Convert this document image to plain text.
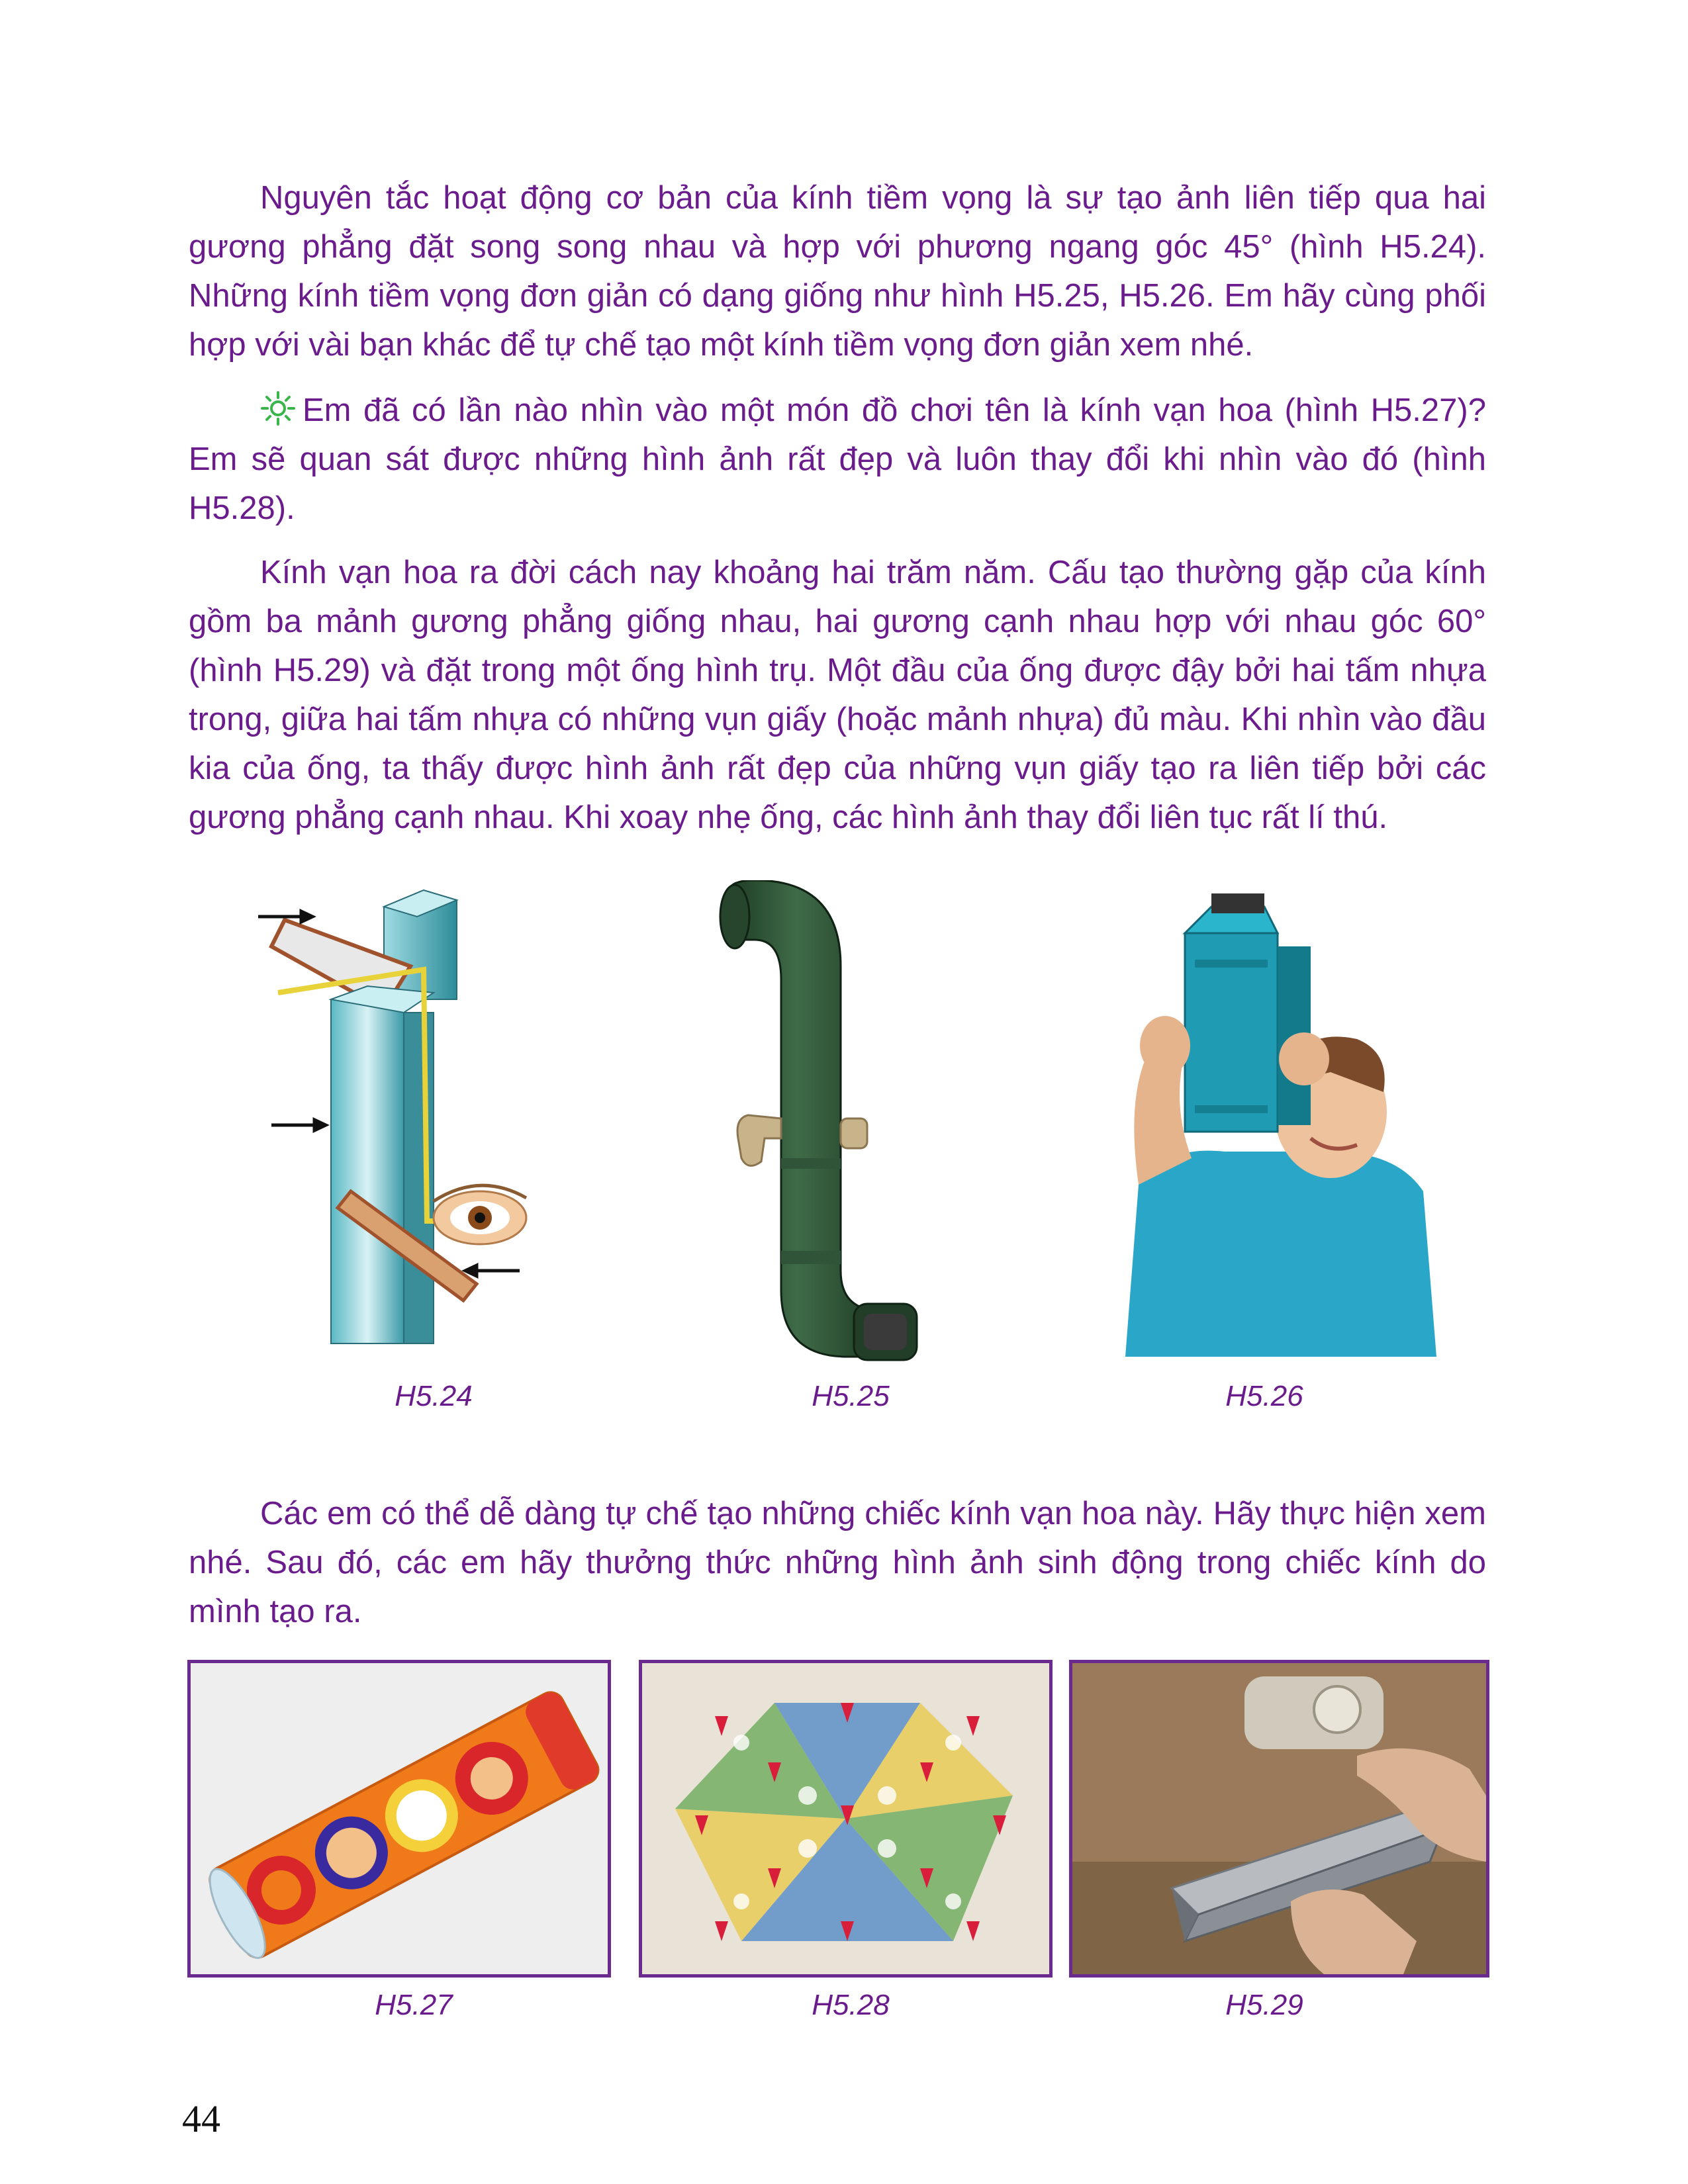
Nguyên tắc hoạt động cơ bản của kính tiềm vọng là sự tạo ảnh liên tiếp qua hai gương phẳng đặt song song nhau và hợp với phương ngang góc 45° (hình H5.24). Những kính tiềm vọng đơn giản có dạng giống như hình H5.25, H5.26. Em hãy cùng phối hợp với vài bạn khác để tự chế tạo một kính tiềm vọng đơn giản xem nhé.

Em đã có lần nào nhìn vào một món đồ chơi tên là kính vạn hoa (hình H5.27)? Em sẽ quan sát được những hình ảnh rất đẹp và luôn thay đổi khi nhìn vào đó (hình H5.28).

Kính vạn hoa ra đời cách nay khoảng hai trăm năm. Cấu tạo thường gặp của kính gồm ba mảnh gương phẳng giống nhau, hai gương cạnh nhau hợp với nhau góc 60° (hình H5.29) và đặt trong một ống hình trụ. Một đầu của ống được đậy bởi hai tấm nhựa trong, giữa hai tấm nhựa có những vụn giấy (hoặc mảnh nhựa) đủ màu. Khi nhìn vào đầu kia của ống, ta thấy được hình ảnh rất đẹp của những vụn giấy tạo ra liên tiếp bởi các gương phẳng cạnh nhau. Khi xoay nhẹ ống, các hình ảnh thay đổi liên tục rất lí thú.

H5.24	H5.25	H5.26

Các em có thể dễ dàng tự chế tạo những chiếc kính vạn hoa này. Hãy thực hiện xem nhé. Sau đó, các em hãy thưởng thức những hình ảnh sinh động trong chiếc kính do mình tạo ra.

H5.27	H5.28	H5.29
44
